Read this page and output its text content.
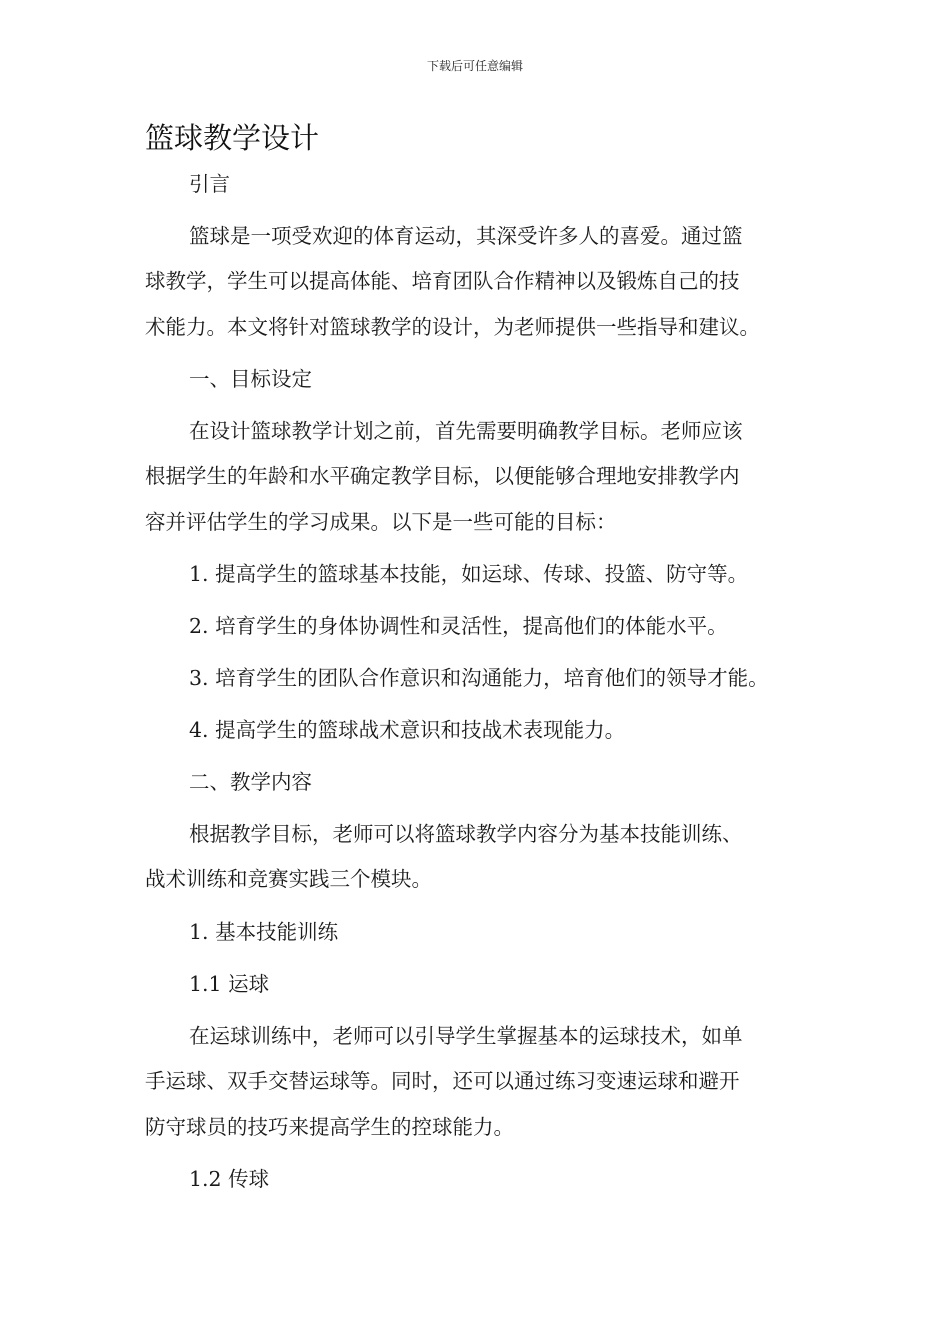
下载后可任意编辑
篮球教学设计
引言
篮球是一项受欢迎的体育运动，其深受许多人的喜爱。通过篮
球教学，学生可以提高体能、培育团队合作精神以及锻炼自己的技
术能力。本文将针对篮球教学的设计，为老师提供一些指导和建议。
一、目标设定
在设计篮球教学计划之前，首先需要明确教学目标。老师应该
根据学生的年龄和水平确定教学目标，以便能够合理地安排教学内
容并评估学生的学习成果。以下是一些可能的目标：
1. 提高学生的篮球基本技能，如运球、传球、投篮、防守等。
2. 培育学生的身体协调性和灵活性，提高他们的体能水平。
3. 培育学生的团队合作意识和沟通能力，培育他们的领导才能。
4. 提高学生的篮球战术意识和技战术表现能力。
二、教学内容
根据教学目标，老师可以将篮球教学内容分为基本技能训练、
战术训练和竞赛实践三个模块。
1. 基本技能训练
1.1 运球
在运球训练中，老师可以引导学生掌握基本的运球技术，如单
手运球、双手交替运球等。同时，还可以通过练习变速运球和避开
防守球员的技巧来提高学生的控球能力。
1.2 传球
